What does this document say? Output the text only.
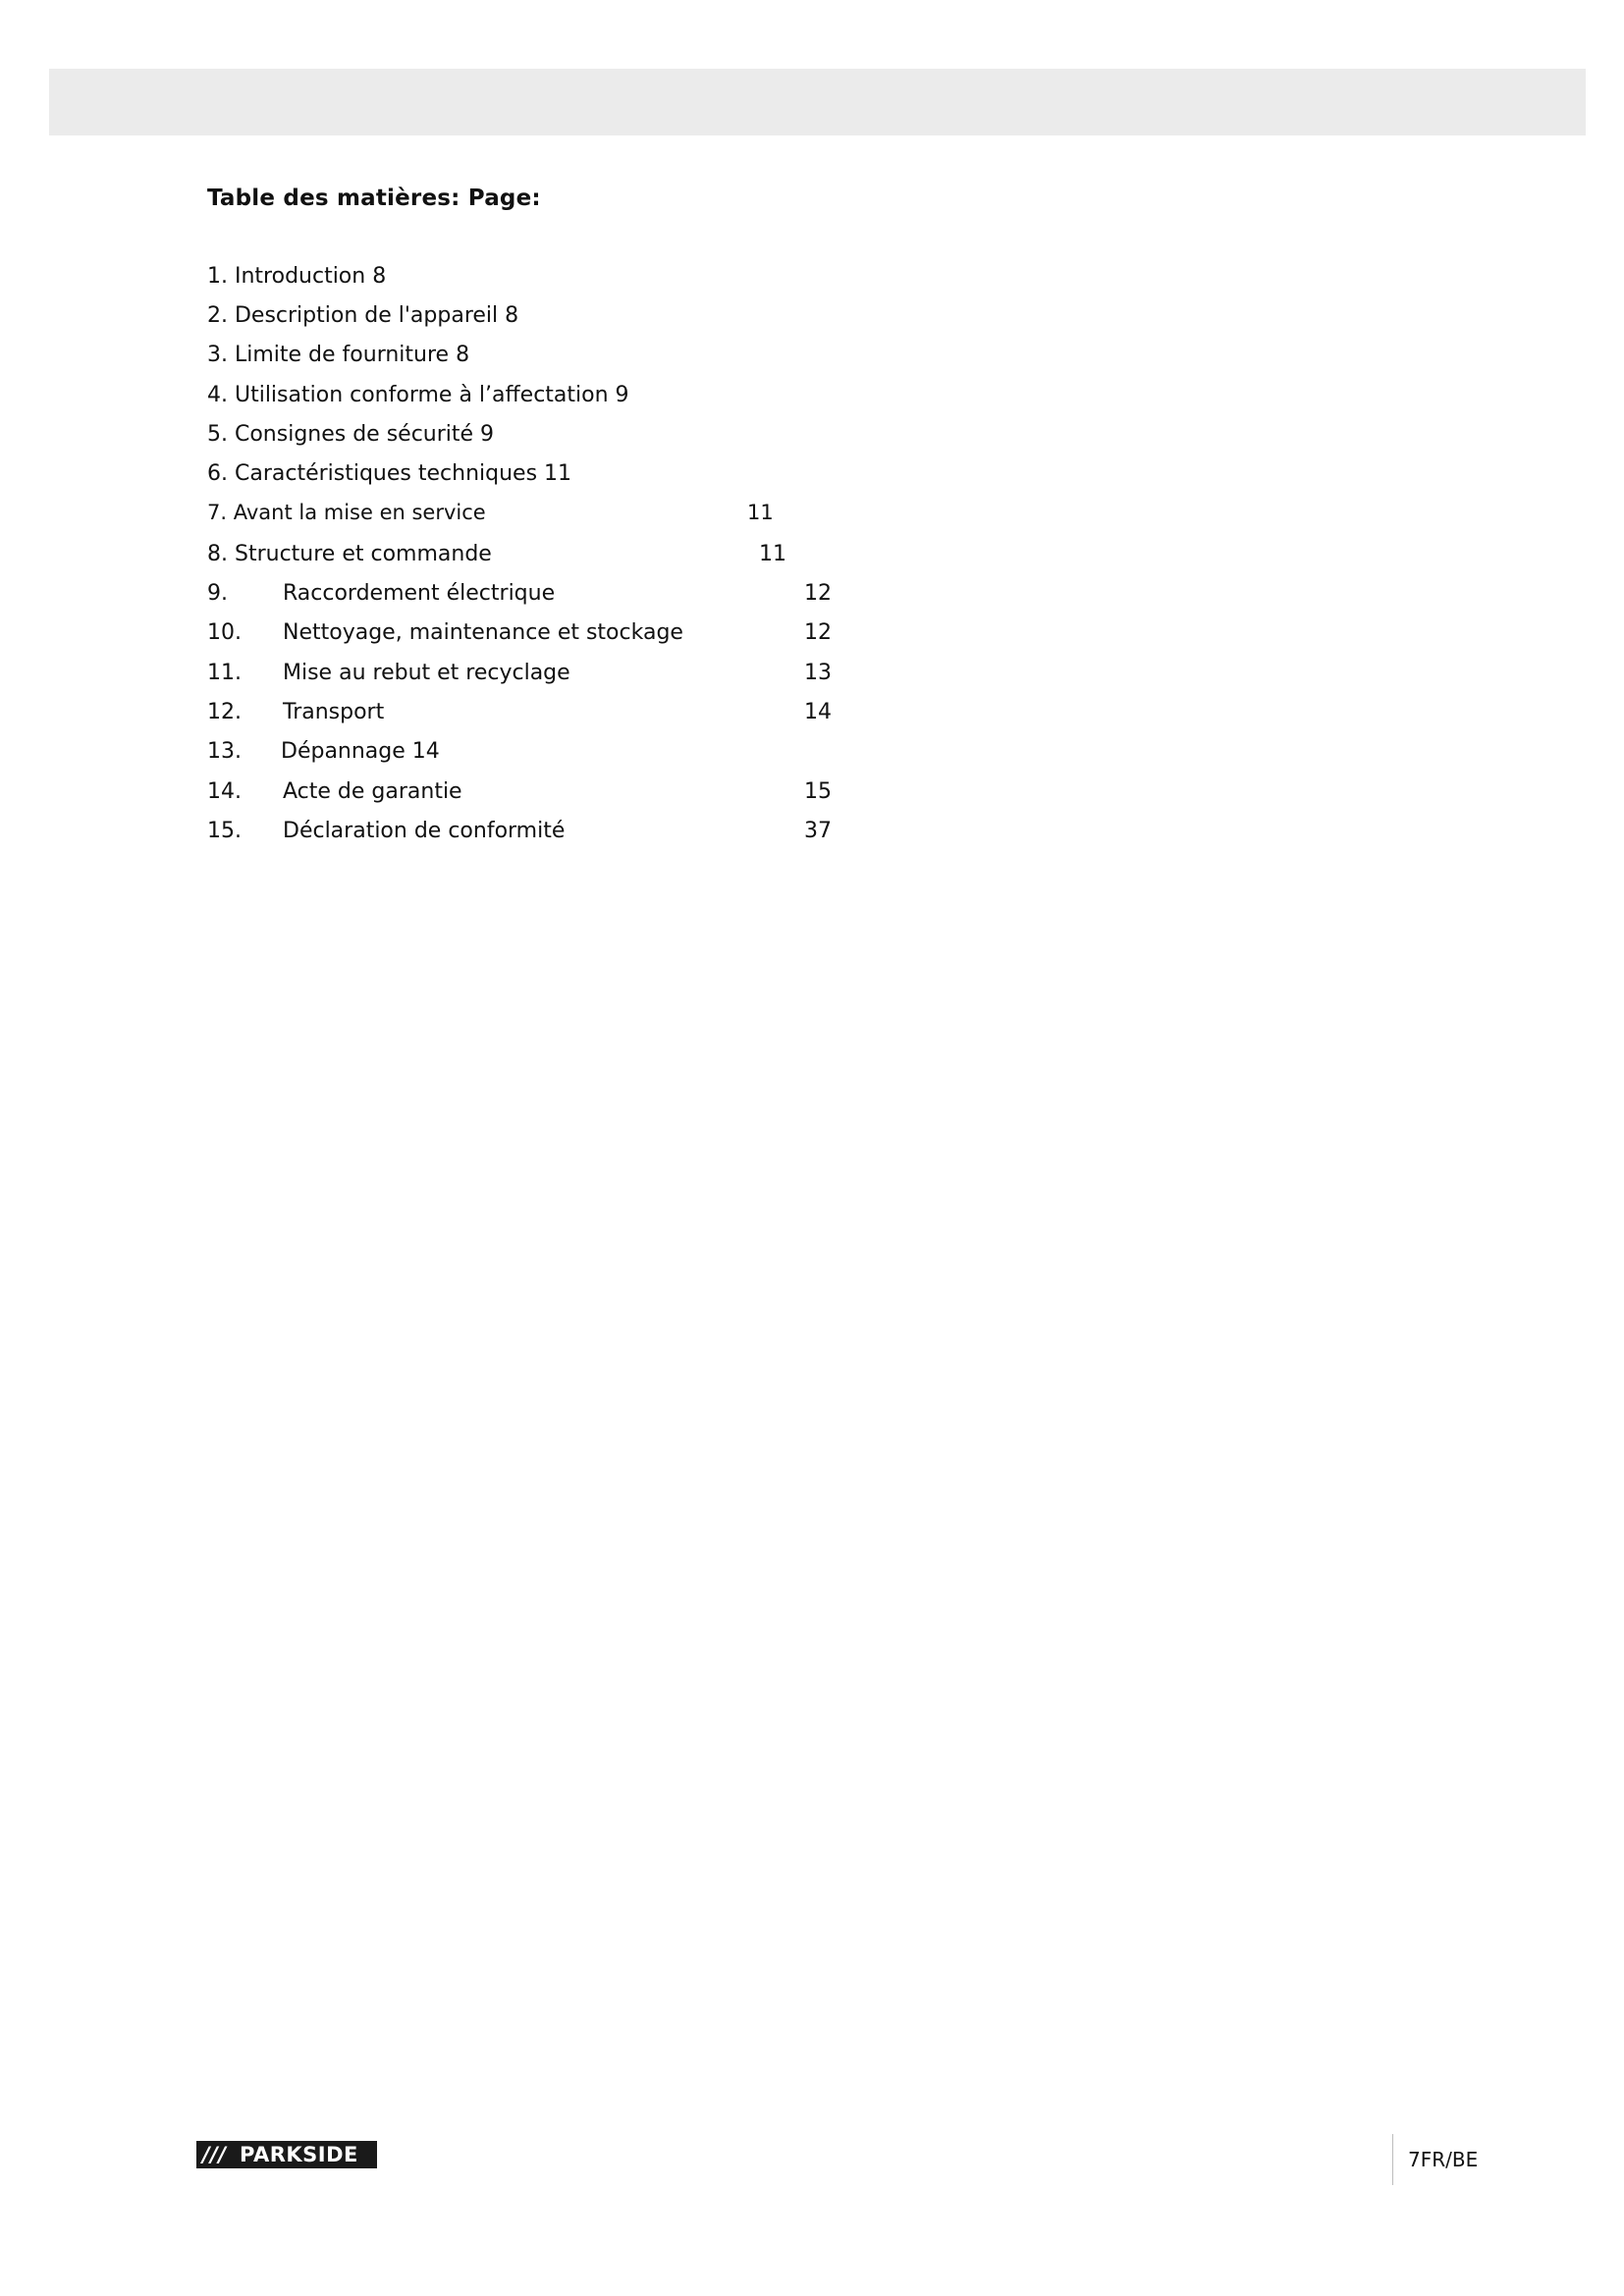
Table des matières: Page:
1. Introduction 8
2. Description de l'appareil 8
3. Limite de fourniture 8
4. Utilisation conforme à l’affectation 9
5. Consignes de sécurité 9
6. Caractéristiques techniques 11
7. Avant la mise en service	11
8. Structure et commande	11
9.	Raccordement électrique	12
10. Nettoyage, maintenance et stockage	12
11. Mise au rebut et recyclage	13
12. Transport	14
13. Dépannage 14
14. Acte de garantie	15
15. Déclaration de conformité	37
/// PARKSIDE	7FR/BE
